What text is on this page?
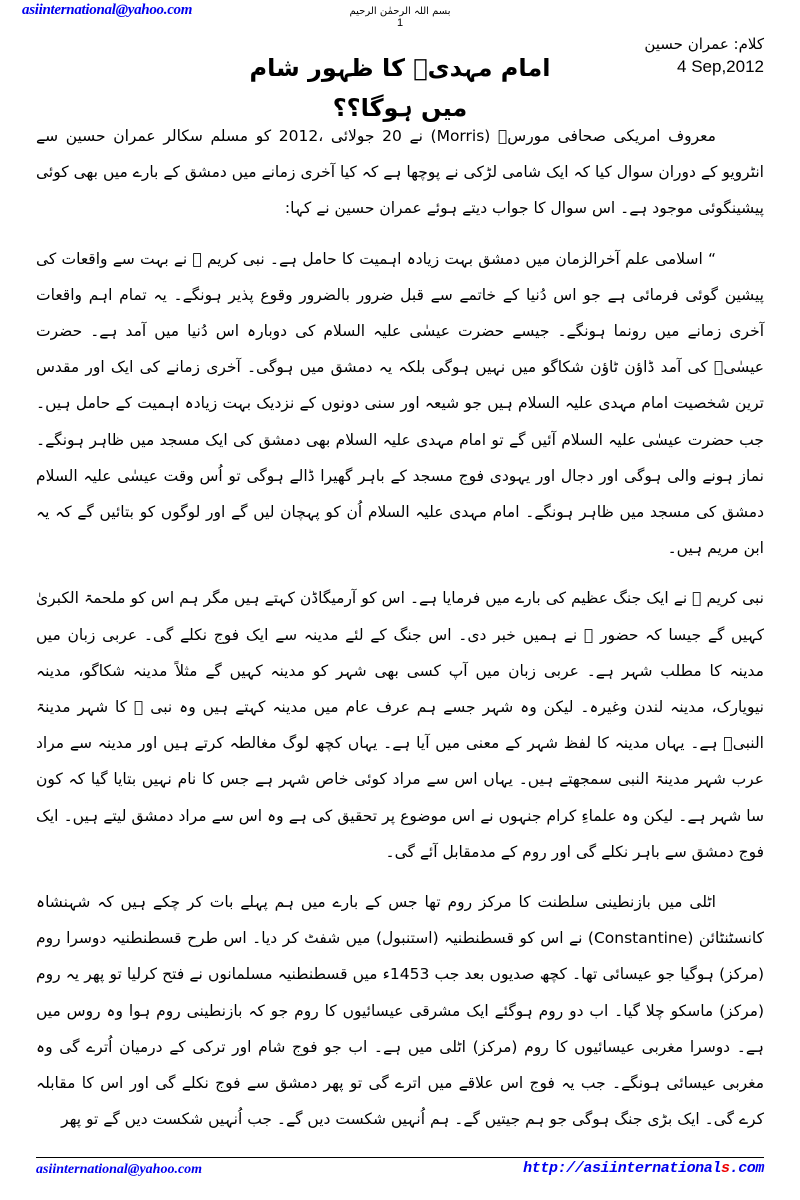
asiinternational@yahoo.com	بسم اللہ الرحمٰن الرحیم
1
کلام: عمران حسین
4 Sep,2012
امام مہدیؑ کا ظہور شام میں ہوگا؟؟

معروف امریکی صحافی مورسؔ (Morris) نے 20 جولائی ،2012 کو مسلم سکالر عمران حسین سے انٹرویو کے دوران سوال کیا کہ ایک شامی لڑکی نے پوچھا ہے کہ کیا آخری زمانے میں دمشق کے بارے میں بھی کوئی پیشینگوئی موجود ہے۔ اس سوال کا جواب دیتے ہوئے عمران حسین نے کہا:

“ اسلامی علم آخرالزمان میں دمشق بہت زیادہ اہمیت کا حامل ہے۔ نبی کریم ﷺ نے بہت سے واقعات کی پیشین گوئی فرمائی ہے جو اس دُنیا کے خاتمے سے قبل ضرور بالضرور وقوع پذیر ہونگے۔ یہ تمام اہم واقعات آخری زمانے میں رونما ہونگے۔ جیسے حضرت عیسٰی علیہ السلام کی دوبارہ اس دُنیا میں آمد ہے۔ حضرت عیسٰیؑ کی آمد ڈاؤن ٹاؤن شکاگو میں نہیں ہوگی بلکہ یہ دمشق میں ہوگی۔ آخری زمانے کی ایک اور مقدس ترین شخصیت امام مہدی علیہ السلام ہیں جو شیعہ اور سنی دونوں کے نزدیک بہت زیادہ اہمیت کے حامل ہیں۔ جب حضرت عیسٰی علیہ السلام آئیں گے تو امام مہدی علیہ السلام بھی دمشق کی ایک مسجد میں ظاہر ہونگے۔ نماز ہونے والی ہوگی اور دجال اور یہودی فوج مسجد کے باہر گھیرا ڈالے ہوگی تو اُس وقت عیسٰی علیہ السلام دمشق کی مسجد میں ظاہر ہونگے۔ امام مہدی علیہ السلام اُن کو پہچان لیں گے اور لوگوں کو بتائیں گے کہ یہ ابن مریم ہیں۔

نبی کریم ﷺ نے ایک جنگ عظیم کی بارے میں فرمایا ہے۔ اس کو آرمیگاڈن کہتے ہیں مگر ہم اس کو ملحمۃ الکبریٰ کہیں گے جیسا کہ حضور ﷺ نے ہمیں خبر دی۔ اس جنگ کے لئے مدینہ سے ایک فوج نکلے گی۔ عربی زبان میں مدینہ کا مطلب شہر ہے۔ عربی زبان میں آپ کسی بھی شہر کو مدینہ کہیں گے مثلاً مدینہ شکاگو، مدینہ نیویارک، مدینہ لندن وغیرہ۔ لیکن وہ شہر جسے ہم عرف عام میں مدینہ کہتے ہیں وہ نبی ﷺ کا شہر مدینۃ النبیؐ ہے۔ یہاں مدینہ کا لفظ شہر کے معنی میں آیا ہے۔ یہاں کچھ لوگ مغالطہ کرتے ہیں اور مدینہ سے مراد عرب شہر مدینۃ النبی سمجھتے ہیں۔ یہاں اس سے مراد کوئی خاص شہر ہے جس کا نام نہیں بتایا گیا کہ کون سا شہر ہے۔ لیکن وہ علماءِ کرام جنہوں نے اس موضوع پر تحقیق کی ہے وہ اس سے مراد دمشق لیتے ہیں۔ ایک فوج دمشق سے باہر نکلے گی اور روم کے مدمقابل آئے گی۔

اٹلی میں بازنطینی سلطنت کا مرکز روم تھا جس کے بارے میں ہم پہلے بات کر چکے ہیں کہ شہنشاہ کانسٹنٹائن (Constantine) نے اس کو قسطنطنیہ (استنبول) میں شفٹ کر دیا۔ اس طرح قسطنطنیہ دوسرا روم (مرکز) ہوگیا جو عیسائی تھا۔ کچھ صدیوں بعد جب 1453ء میں قسطنطنیہ مسلمانوں نے فتح کرلیا تو پھر یہ روم (مرکز) ماسکو چلا گیا۔ اب دو روم ہوگئے ایک مشرقی عیسائیوں کا روم جو کہ بازنطینی روم ہوا وہ روس میں ہے۔ دوسرا مغربی عیسائیوں کا روم (مرکز) اٹلی میں ہے۔ اب جو فوج شام اور ترکی کے درمیان اُترے گی وہ مغربی عیسائی ہونگے۔ جب یہ فوج اس علاقے میں اترے گی تو پھر دمشق سے فوج نکلے گی اور اس کا مقابلہ کرے گی۔ ایک بڑی جنگ ہوگی جو ہم جیتیں گے۔ ہم اُنہیں شکست دیں گے۔ جب اُنہیں شکست دیں گے تو پھر

asiinternational@yahoo.com	http://asiinternationals.com
